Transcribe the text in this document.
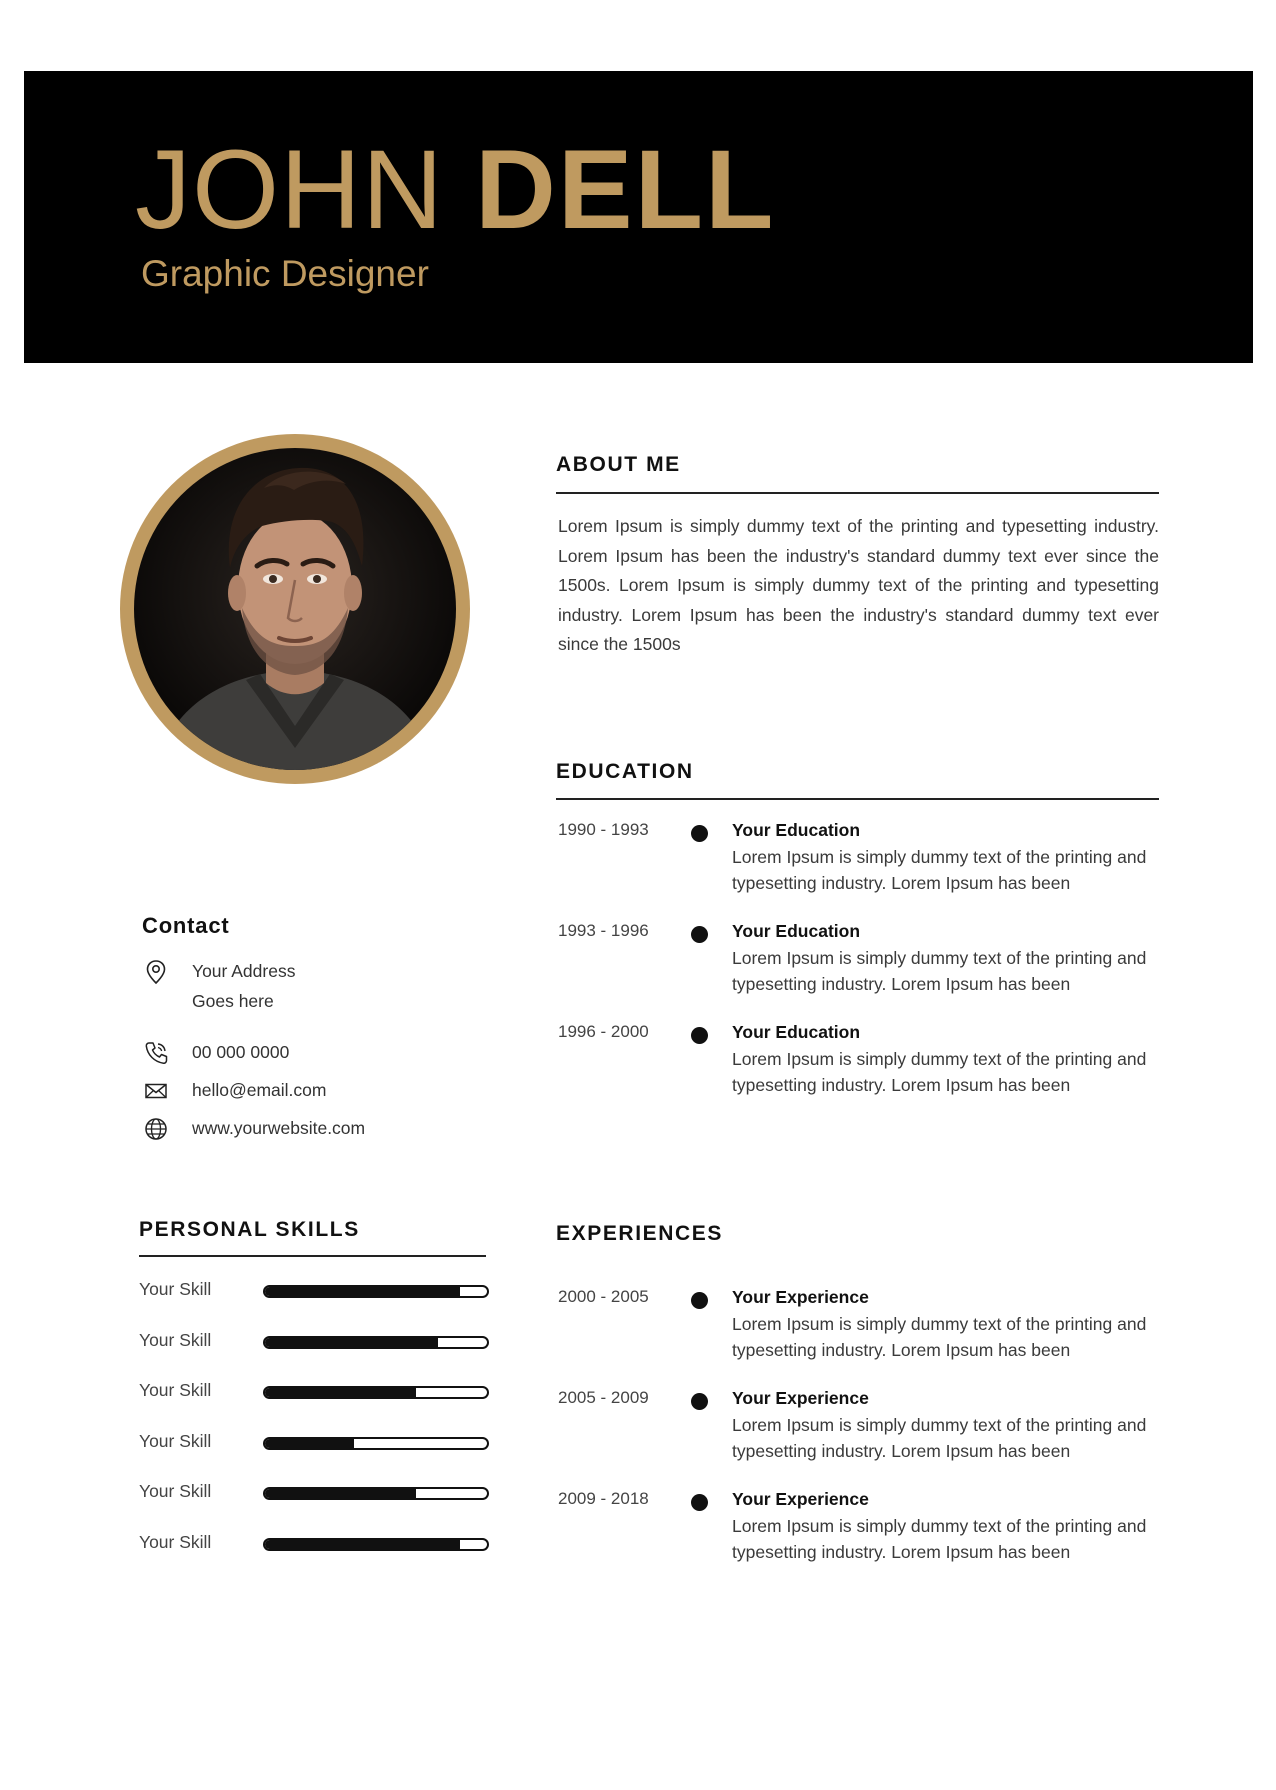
JOHN DELL
Graphic Designer
ABOUT ME
Lorem Ipsum is simply dummy text of the printing and typesetting industry. Lorem Ipsum has been the industry's standard dummy text ever since the 1500s. Lorem Ipsum is simply dummy text of the printing and typesetting industry. Lorem Ipsum has been the industry's standard dummy text ever since the 1500s
EDUCATION
1990 - 1993	Your Education
Lorem Ipsum is simply dummy text of the printing and typesetting industry. Lorem Ipsum has been
1993 - 1996	Your Education
Lorem Ipsum is simply dummy text of the printing and typesetting industry. Lorem Ipsum has been
1996 - 2000	Your Education
Lorem Ipsum is simply dummy text of the printing and typesetting industry. Lorem Ipsum has been
Contact
Your Address
Goes here
00 000 0000
hello@email.com
www.yourwebsite.com
PERSONAL SKILLS
Your Skill
Your Skill
Your Skill
Your Skill
Your Skill
Your Skill
EXPERIENCES
2000 - 2005	Your Experience
Lorem Ipsum is simply dummy text of the printing and typesetting industry. Lorem Ipsum has been
2005 - 2009	Your Experience
Lorem Ipsum is simply dummy text of the printing and typesetting industry. Lorem Ipsum has been
2009 - 2018	Your Experience
Lorem Ipsum is simply dummy text of the printing and typesetting industry. Lorem Ipsum has been
